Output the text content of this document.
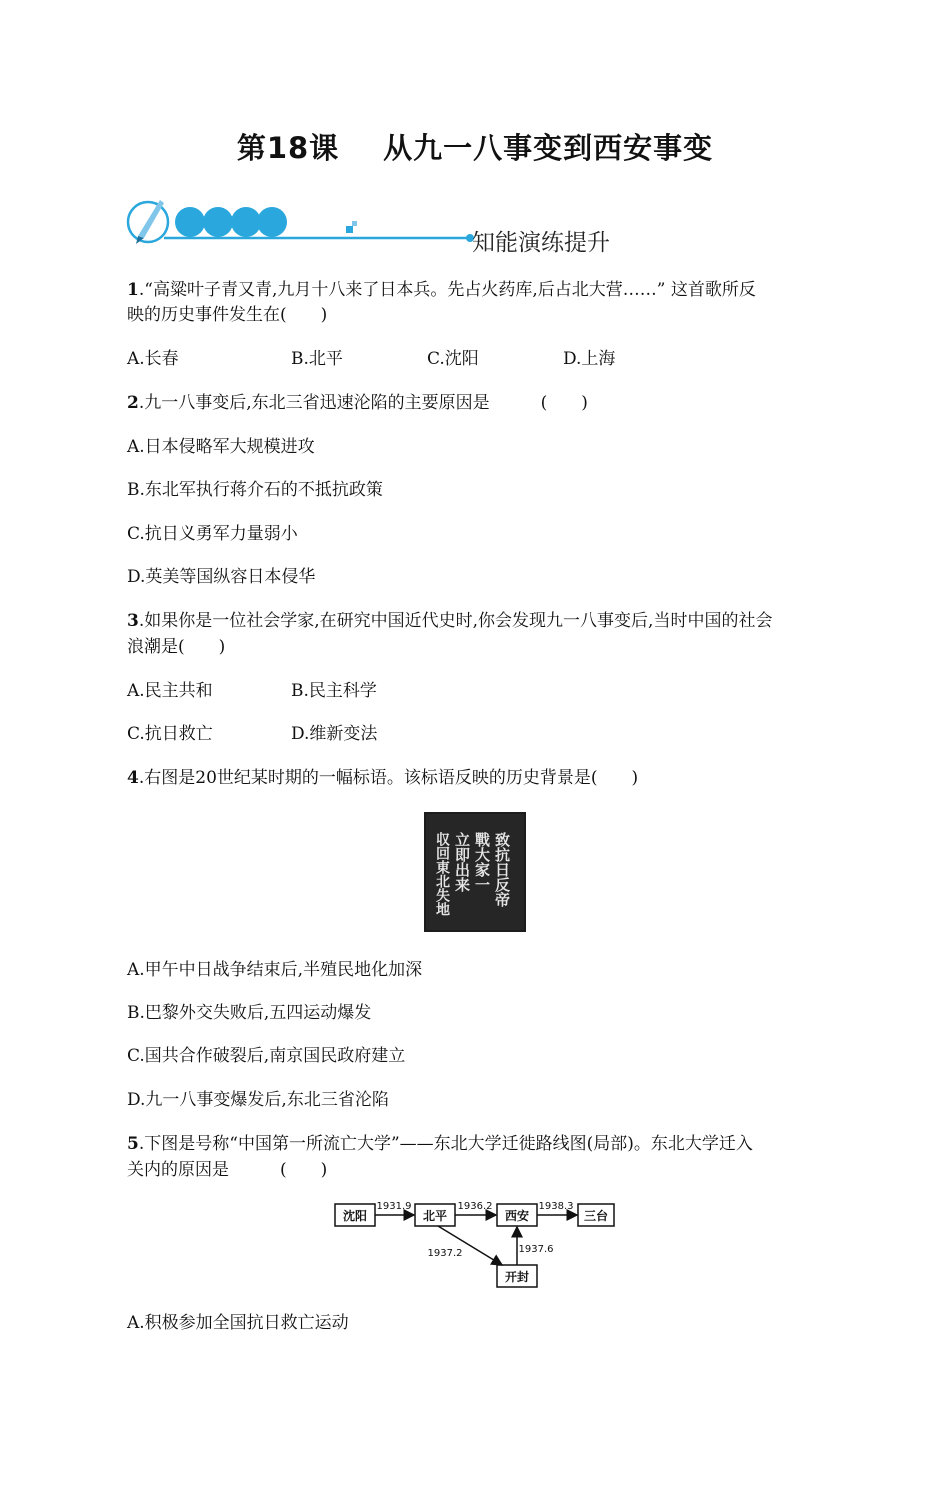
第18课 从九一八事变到西安事变
知能演练提升
1.“高粱叶子青又青,九月十八来了日本兵。先占火药库,后占北大营……” 这首歌所反
映的历史事件发生在(　　)
A.长春	B.北平	C.沈阳	D.上海
2.九一八事变后,东北三省迅速沦陷的主要原因是　　　(　　)
A.日本侵略军大规模进攻
B.东北军执行蒋介石的不抵抗政策
C.抗日义勇军力量弱小
D.英美等国纵容日本侵华
3.如果你是一位社会学家,在研究中国近代史时,你会发现九一八事变后,当时中国的社会
浪潮是(　　)
A.民主共和	B.民主科学
C.抗日救亡	D.维新变法
4.右图是20世纪某时期的一幅标语。该标语反映的历史背景是(　　)
致抗日反帝
戰大家一
立即出来
収回東北失地
A.甲午中日战争结束后,半殖民地化加深
B.巴黎外交失败后,五四运动爆发
C.国共合作破裂后,南京国民政府建立
D.九一八事变爆发后,东北三省沦陷
5.下图是号称“中国第一所流亡大学”——东北大学迁徙路线图(局部)。东北大学迁入
关内的原因是　　　(　　)
沈阳	北平	西安	三台
开封
1931.9	1936.2	1938.3
1937.2	1937.6
A.积极参加全国抗日救亡运动
